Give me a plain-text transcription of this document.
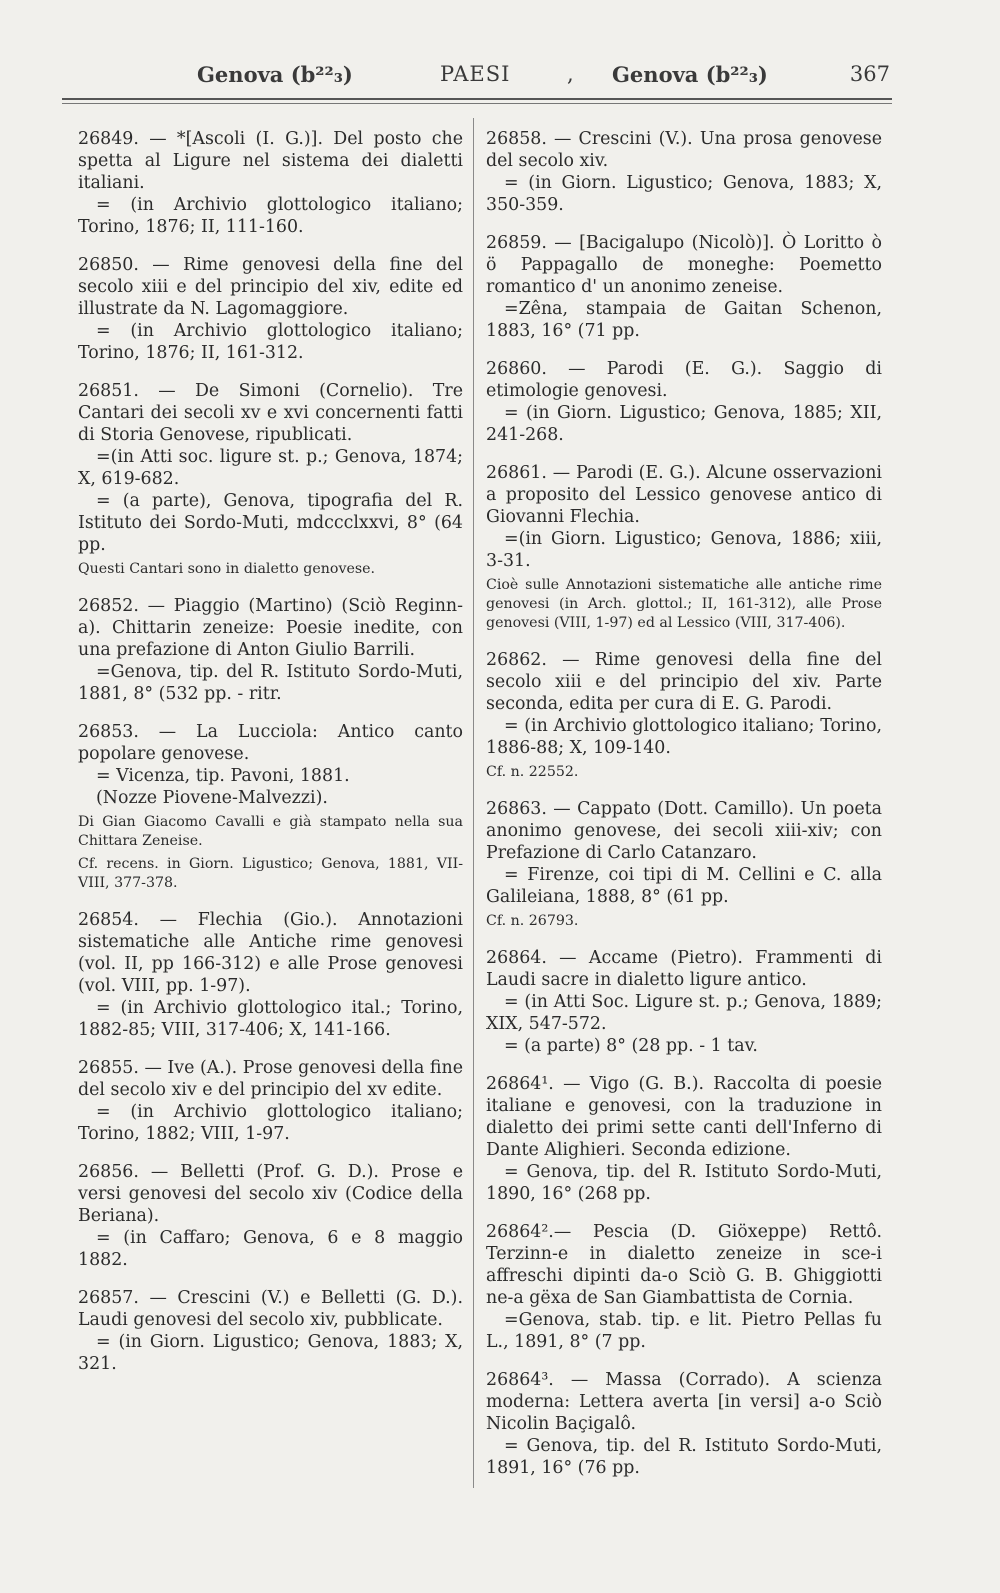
Genova (b²²₃)	PAESI	, Genova (b²²₃)	367
26849. — *[Ascoli (I. G.)]. Del posto che spetta al Ligure nel sistema dei dialetti italiani.
= (in Archivio glottologico italiano; Torino, 1876; II, 111-160.
26850. — Rime genovesi della fine del secolo xiii e del principio del xiv, edite ed illustrate da N. Lagomaggiore.
= (in Archivio glottologico italiano; Torino, 1876; II, 161-312.
26851. — De Simoni (Cornelio). Tre Cantari dei secoli xv e xvi concernenti fatti di Storia Genovese, ripublicati.
=(in Atti soc. ligure st. p.; Genova, 1874; X, 619-682.
= (a parte), Genova, tipografia del R. Istituto dei Sordo-Muti, mdccclxxvi, 8° (64 pp.
Questi Cantari sono in dialetto genovese.
26852. — Piaggio (Martino) (Sciò Reginn-a). Chittarin zeneize: Poesie inedite, con una prefazione di Anton Giulio Barrili.
=Genova, tip. del R. Istituto Sordo-Muti, 1881, 8° (532 pp. - ritr.
26853. — La Lucciola: Antico canto popolare genovese.
= Vicenza, tip. Pavoni, 1881.
(Nozze Piovene-Malvezzi).
Di Gian Giacomo Cavalli e già stampato nella sua Chittara Zeneise.
Cf. recens. in Giorn. Ligustico; Genova, 1881, VII-VIII, 377-378.
26854. — Flechia (Gio.). Annotazioni sistematiche alle Antiche rime genovesi (vol. II, pp 166-312) e alle Prose genovesi (vol. VIII, pp. 1-97).
= (in Archivio glottologico ital.; Torino, 1882-85; VIII, 317-406; X, 141-166.
26855. — Ive (A.). Prose genovesi della fine del secolo xiv e del principio del xv edite.
= (in Archivio glottologico italiano; Torino, 1882; VIII, 1-97.
26856. — Belletti (Prof. G. D.). Prose e versi genovesi del secolo xiv (Codice della Beriana).
= (in Caffaro; Genova, 6 e 8 maggio 1882.
26857. — Crescini (V.) e Belletti (G. D.). Laudi genovesi del secolo xiv, pubblicate.
= (in Giorn. Ligustico; Genova, 1883; X, 321.
26858. — Crescini (V.). Una prosa genovese del secolo xiv.
= (in Giorn. Ligustico; Genova, 1883; X, 350-359.
26859. — [Bacigalupo (Nicolò)]. Ò Loritto ò ö Pappagallo de moneghe: Poemetto romantico d' un anonimo zeneise.
=Zêna, stampaia de Gaitan Schenon, 1883, 16° (71 pp.
26860. — Parodi (E. G.). Saggio di etimologie genovesi.
= (in Giorn. Ligustico; Genova, 1885; XII, 241-268.
26861. — Parodi (E. G.). Alcune osservazioni a proposito del Lessico genovese antico di Giovanni Flechia.
=(in Giorn. Ligustico; Genova, 1886; xiii, 3-31.
Cioè sulle Annotazioni sistematiche alle antiche rime genovesi (in Arch. glottol.; II, 161-312), alle Prose genovesi (VIII, 1-97) ed al Lessico (VIII, 317-406).
26862. — Rime genovesi della fine del secolo xiii e del principio del xiv. Parte seconda, edita per cura di E. G. Parodi.
= (in Archivio glottologico italiano; Torino, 1886-88; X, 109-140.
Cf. n. 22552.
26863. — Cappato (Dott. Camillo). Un poeta anonimo genovese, dei secoli xiii-xiv; con Prefazione di Carlo Catanzaro.
= Firenze, coi tipi di M. Cellini e C. alla Galileiana, 1888, 8° (61 pp.
Cf. n. 26793.
26864. — Accame (Pietro). Frammenti di Laudi sacre in dialetto ligure antico.
= (in Atti Soc. Ligure st. p.; Genova, 1889; XIX, 547-572.
= (a parte) 8° (28 pp. - 1 tav.
26864¹. — Vigo (G. B.). Raccolta di poesie italiane e genovesi, con la traduzione in dialetto dei primi sette canti dell'Inferno di Dante Alighieri. Seconda edizione.
= Genova, tip. del R. Istituto Sordo-Muti, 1890, 16° (268 pp.
26864².— Pescia (D. Giöxeppe) Rettô. Terzinn-e in dialetto zeneize in sce-i affreschi dipinti da-o Sciò G. B. Ghiggiotti ne-a gëxa de San Giambattista de Cornia.
=Genova, stab. tip. e lit. Pietro Pellas fu L., 1891, 8° (7 pp.
26864³. — Massa (Corrado). A scienza moderna: Lettera averta [in versi] a-o Sciò Nicolin Baçigalô.
= Genova, tip. del R. Istituto Sordo-Muti, 1891, 16° (76 pp.
